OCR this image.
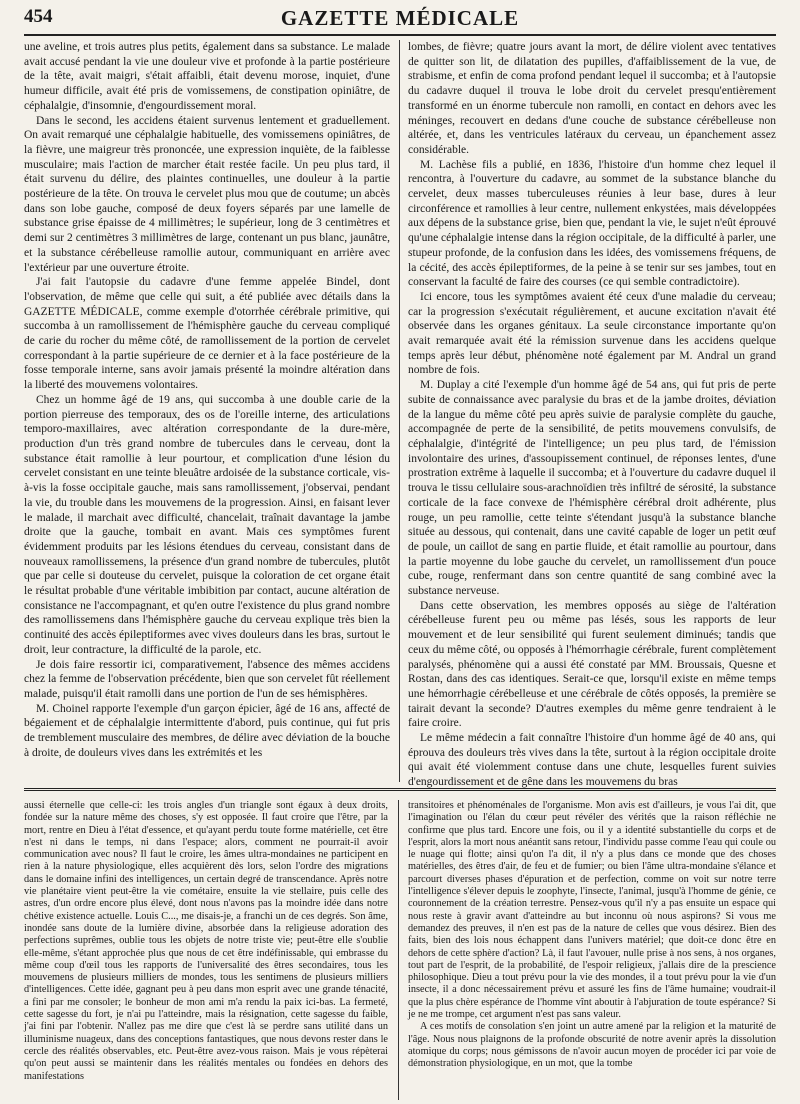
454	GAZETTE MÉDICALE

une aveline, et trois autres plus petits, également dans sa substance. Le malade avait accusé pendant la vie une douleur vive et profonde à la partie postérieure de la tête, avait maigri, s'était affaibli, était devenu morose, inquiet, d'une humeur difficile, avait été pris de vomissemens, de constipation opiniâtre, de céphalalgie, d'insomnie, d'engourdissement moral.

Dans le second, les accidens étaient survenus lentement et graduellement. On avait remarqué une céphalalgie habituelle, des vomissemens opiniâtres, de la fièvre, une maigreur très prononcée, une expression inquiète, de la faiblesse musculaire; mais l'action de marcher était restée facile. Un peu plus tard, il était survenu du délire, des plaintes continuelles, une douleur à la partie postérieure de la tête. On trouva le cervelet plus mou que de coutume; un abcès dans son lobe gauche, composé de deux foyers séparés par une lamelle de substance grise épaisse de 4 millimètres; le supérieur, long de 3 centimètres et demi sur 2 centimètres 3 millimètres de large, contenant un pus blanc, jaunâtre, et la substance cérébelleuse ramollie autour, communiquant en arrière avec l'extérieur par une ouverture étroite.

J'ai fait l'autopsie du cadavre d'une femme appelée Bindel, dont l'observation, de même que celle qui suit, a été publiée avec détails dans la GAZETTE MÉDICALE, comme exemple d'otorrhée cérébrale primitive, qui succomba à un ramollissement de l'hémisphère gauche du cerveau compliqué de carie du rocher du même côté, de ramollissement de la portion de cervelet correspondant à la partie supérieure de ce dernier et à la face postérieure de la fosse temporale interne, sans avoir jamais présenté la moindre altération dans la liberté des mouvemens volontaires.

Chez un homme âgé de 19 ans, qui succomba à une double carie de la portion pierreuse des temporaux, des os de l'oreille interne, des articulations temporo-maxillaires, avec altération correspondante de la dure-mère, production d'un très grand nombre de tubercules dans le cerveau, dont la substance était ramollie à leur pourtour, et complication d'une lésion du cervelet consistant en une teinte bleuâtre ardoisée de la substance corticale, vis-à-vis la fosse occipitale gauche, mais sans ramollissement, j'observai, pendant la vie, du trouble dans les mouvemens de la progression. Ainsi, en faisant lever le malade, il marchait avec difficulté, chancelait, traînait davantage la jambe droite que la gauche, tombait en avant. Mais ces symptômes furent évidemment produits par les lésions étendues du cerveau, consistant dans de nouveaux ramollissemens, la présence d'un grand nombre de tubercules, plutôt que par celle si douteuse du cervelet, puisque la coloration de cet organe était le résultat probable d'une véritable imbibition par contact, aucune altération de consistance ne l'accompagnant, et qu'en outre l'existence du plus grand nombre des ramollissemens dans l'hémisphère gauche du cerveau explique très bien la continuité des accès épileptiformes avec vives douleurs dans les bras, surtout le droit, leur contracture, la difficulté de la parole, etc.

Je dois faire ressortir ici, comparativement, l'absence des mêmes accidens chez la femme de l'observation précédente, bien que son cervelet fût réellement malade, puisqu'il était ramolli dans une portion de l'un de ses hémisphères.

M. Choinel rapporte l'exemple d'un garçon épicier, âgé de 16 ans, affecté de bégaiement et de céphalalgie intermittente d'abord, puis continue, qui fut pris de tremblement musculaire des membres, de délire avec déviation de la bouche à droite, de douleurs vives dans les extrémités et les

lombes, de fièvre; quatre jours avant la mort, de délire violent avec tentatives de quitter son lit, de dilatation des pupilles, d'affaiblissement de la vue, de strabisme, et enfin de coma profond pendant lequel il succomba; et à l'autopsie du cadavre duquel il trouva le lobe droit du cervelet presqu'entièrement transformé en un énorme tubercule non ramolli, en contact en dehors avec les méninges, recouvert en dedans d'une couche de substance cérébelleuse non altérée, et, dans les ventricules latéraux du cerveau, un épanchement assez considérable.

M. Lachèse fils a publié, en 1836, l'histoire d'un homme chez lequel il rencontra, à l'ouverture du cadavre, au sommet de la substance blanche du cervelet, deux masses tuberculeuses réunies à leur base, dures à leur circonférence et ramollies à leur centre, nullement enkystées, mais développées aux dépens de la substance grise, bien que, pendant la vie, le sujet n'eût éprouvé qu'une céphalalgie intense dans la région occipitale, de la difficulté à parler, une stupeur profonde, de la confusion dans les idées, des vomissemens fréquens, de la cécité, des accès épileptiformes, de la peine à se tenir sur ses jambes, tout en conservant la faculté de faire des courses (ce qui semble contradictoire).

Ici encore, tous les symptômes avaient été ceux d'une maladie du cerveau; car la progression s'exécutait régulièrement, et aucune excitation n'avait été observée dans les organes génitaux. La seule circonstance importante qu'on avait remarquée avait été la rémission survenue dans les accidens quelque temps après leur début, phénomène noté également par M. Andral un grand nombre de fois.

M. Duplay a cité l'exemple d'un homme âgé de 54 ans, qui fut pris de perte subite de connaissance avec paralysie du bras et de la jambe droites, déviation de la langue du même côté peu après suivie de paralysie complète du gauche, accompagnée de perte de la sensibilité, de petits mouvemens convulsifs, de céphalalgie, d'intégrité de l'intelligence; un peu plus tard, de l'émission involontaire des urines, d'assoupissement continuel, de réponses lentes, d'une prostration extrême à laquelle il succomba; et à l'ouverture du cadavre duquel il trouva le tissu cellulaire sous-arachnoïdien très infiltré de sérosité, la substance corticale de la face convexe de l'hémisphère cérébral droit adhérente, plus rouge, un peu ramollie, cette teinte s'étendant jusqu'à la substance blanche située au dessous, qui contenait, dans une cavité capable de loger un petit œuf de poule, un caillot de sang en partie fluide, et était ramollie au pourtour, dans la partie moyenne du lobe gauche du cervelet, un ramollissement d'un pouce cube, rouge, renfermant dans son centre quantité de sang combiné avec la substance nerveuse.

Dans cette observation, les membres opposés au siège de l'altération cérébelleuse furent peu ou même pas lésés, sous les rapports de leur mouvement et de leur sensibilité qui furent seulement diminués; tandis que ceux du même côté, ou opposés à l'hémorrhagie cérébrale, furent complètement paralysés, phénomène qui a aussi été constaté par MM. Broussais, Quesne et Rostan, dans des cas identiques. Serait-ce que, lorsqu'il existe en même temps une hémorrhagie cérébelleuse et une cérébrale de côtés opposés, la première se tairait devant la seconde? D'autres exemples du même genre tendraient à le faire croire.

Le même médecin a fait connaître l'histoire d'un homme âgé de 40 ans, qui éprouva des douleurs très vives dans la tête, surtout à la région occipitale droite qui avait été violemment contuse dans une chute, lesquelles furent suivies d'engourdissement et de gêne dans les mouvemens du bras

aussi éternelle que celle-ci: les trois angles d'un triangle sont égaux à deux droits, fondée sur la nature même des choses, s'y est opposée. Il faut croire que l'être, par la mort, rentre en Dieu à l'état d'essence, et qu'ayant perdu toute forme matérielle, cet être n'est ni dans le temps, ni dans l'espace; alors, comment ne pourrait-il avoir communication avec nous? Il faut le croire, les âmes ultra-mondaines ne participent en rien à la nature physiologique, elles acquièrent dès lors, selon l'ordre des migrations dans le domaine infini des intelligences, un certain degré de transcendance. Après notre vie planétaire vient peut-être la vie cométaire, ensuite la vie stellaire, puis celle des astres, d'un ordre encore plus élevé, dont nous n'avons pas la moindre idée dans notre chétive existence actuelle. Louis C..., me disais-je, a franchi un de ces degrés. Son âme, inondée sans doute de la lumière divine, absorbée dans la religieuse adoration des perfections suprêmes, oublie tous les objets de notre triste vie; peut-être elle s'oublie elle-même, s'étant approchée plus que nous de cet être indéfinissable, qui embrasse du même coup d'œil tous les rapports de l'universalité des êtres secondaires, tous les mouvemens de plusieurs milliers de mondes, tous les sentimens de plusieurs milliers d'intelligences. Cette idée, gagnant peu à peu dans mon esprit avec une grande ténacité, a fini par me consoler; le bonheur de mon ami m'a rendu la paix ici-bas. La fermeté, cette sagesse du fort, je n'ai pu l'atteindre, mais la résignation, cette sagesse du faible, j'ai fini par l'obtenir. N'allez pas me dire que c'est là se perdre sans utilité dans un illuminisme nuageux, dans des conceptions fantastiques, que nous devons rester dans le cercle des réalités observables, etc. Peut-être avez-vous raison. Mais je vous répèterai qu'on peut aussi se maintenir dans les réalités mentales ou fondées en dehors des manifestations

transitoires et phénoménales de l'organisme. Mon avis est d'ailleurs, je vous l'ai dit, que l'imagination ou l'élan du cœur peut révéler des vérités que la raison réfléchie ne confirme que plus tard. Encore une fois, ou il y a identité substantielle du corps et de l'esprit, alors la mort nous anéantit sans retour, l'individu passe comme l'eau qui coule ou le nuage qui flotte; ainsi qu'on l'a dit, il n'y a plus dans ce monde que des choses matérielles, des êtres d'air, de feu et de fumier; ou bien l'âme ultra-mondaine s'élance et parcourt diverses phases d'épuration et de perfection, comme on voit sur notre terre l'intelligence s'élever depuis le zoophyte, l'insecte, l'animal, jusqu'à l'homme de génie, ce couronnement de la création terrestre. Pensez-vous qu'il n'y a pas ensuite un espace qui nous reste à gravir avant d'atteindre au but inconnu où nous aspirons? Si vous me demandez des preuves, il n'en est pas de la nature de celles que vous désirez. Bien des faits, bien des lois nous échappent dans l'univers matériel; que doit-ce donc être en dehors de cette sphère d'action? Là, il faut l'avouer, nulle prise à nos sens, à nos organes, tout part de l'esprit, de la probabilité, de l'espoir religieux, j'allais dire de la prescience philosophique. Dieu a tout prévu pour la vie des mondes, il a tout prévu pour la vie d'un insecte, il a donc nécessairement prévu et assuré les fins de l'âme humaine; voudrait-il que la plus chère espérance de l'homme vînt aboutir à l'abjuration de toute espérance? Si je ne me trompe, cet argument n'est pas sans valeur.

A ces motifs de consolation s'en joint un autre amené par la religion et la maturité de l'âge. Nous nous plaignons de la profonde obscurité de notre avenir après la dissolution atomique du corps; nous gémissons de n'avoir aucun moyen de procéder ici par voie de démonstration physiologique, en un mot, que la tombe
